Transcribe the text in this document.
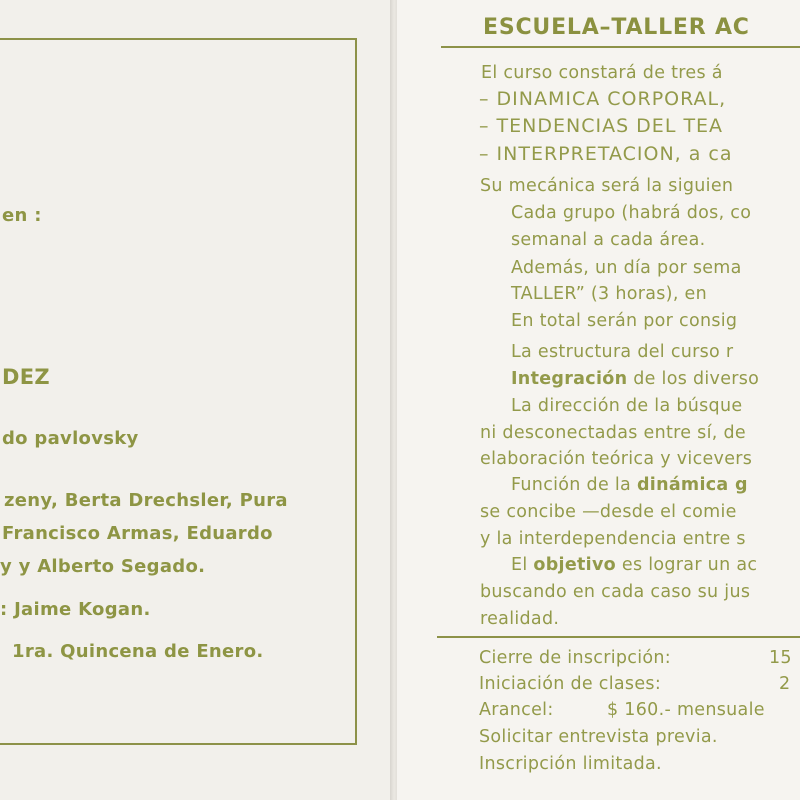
en :
DEZ
do pavlovsky
zeny, Berta Drechsler, Pura
Francisco Armas, Eduardo
y y Alberto Segado.
: Jaime Kogan.
1ra. Quincena de Enero.
ESCUELA–TALLER AC
El curso constará de tres á
– DINAMICA CORPORAL,
– TENDENCIAS DEL TEA
– INTERPRETACION, a ca
Su mecánica será la siguien
Cada grupo (habrá dos, co
semanal a cada área.
Además, un día por sema
TALLER” (3 horas), en
En total serán por consig
La estructura del curso r
Integración de los diverso
La dirección de la búsque
ni desconectadas entre sí, de
elaboración teórica y vicevers
Función de la dinámica g
se concibe —desde el comie
y la interdependencia entre s
El objetivo es lograr un ac
buscando en cada caso su jus
realidad.
Cierre de inscripción:	15
Iniciación de clases:	2
Arancel:	$ 160.- mensuale
Solicitar entrevista previa.
Inscripción limitada.
